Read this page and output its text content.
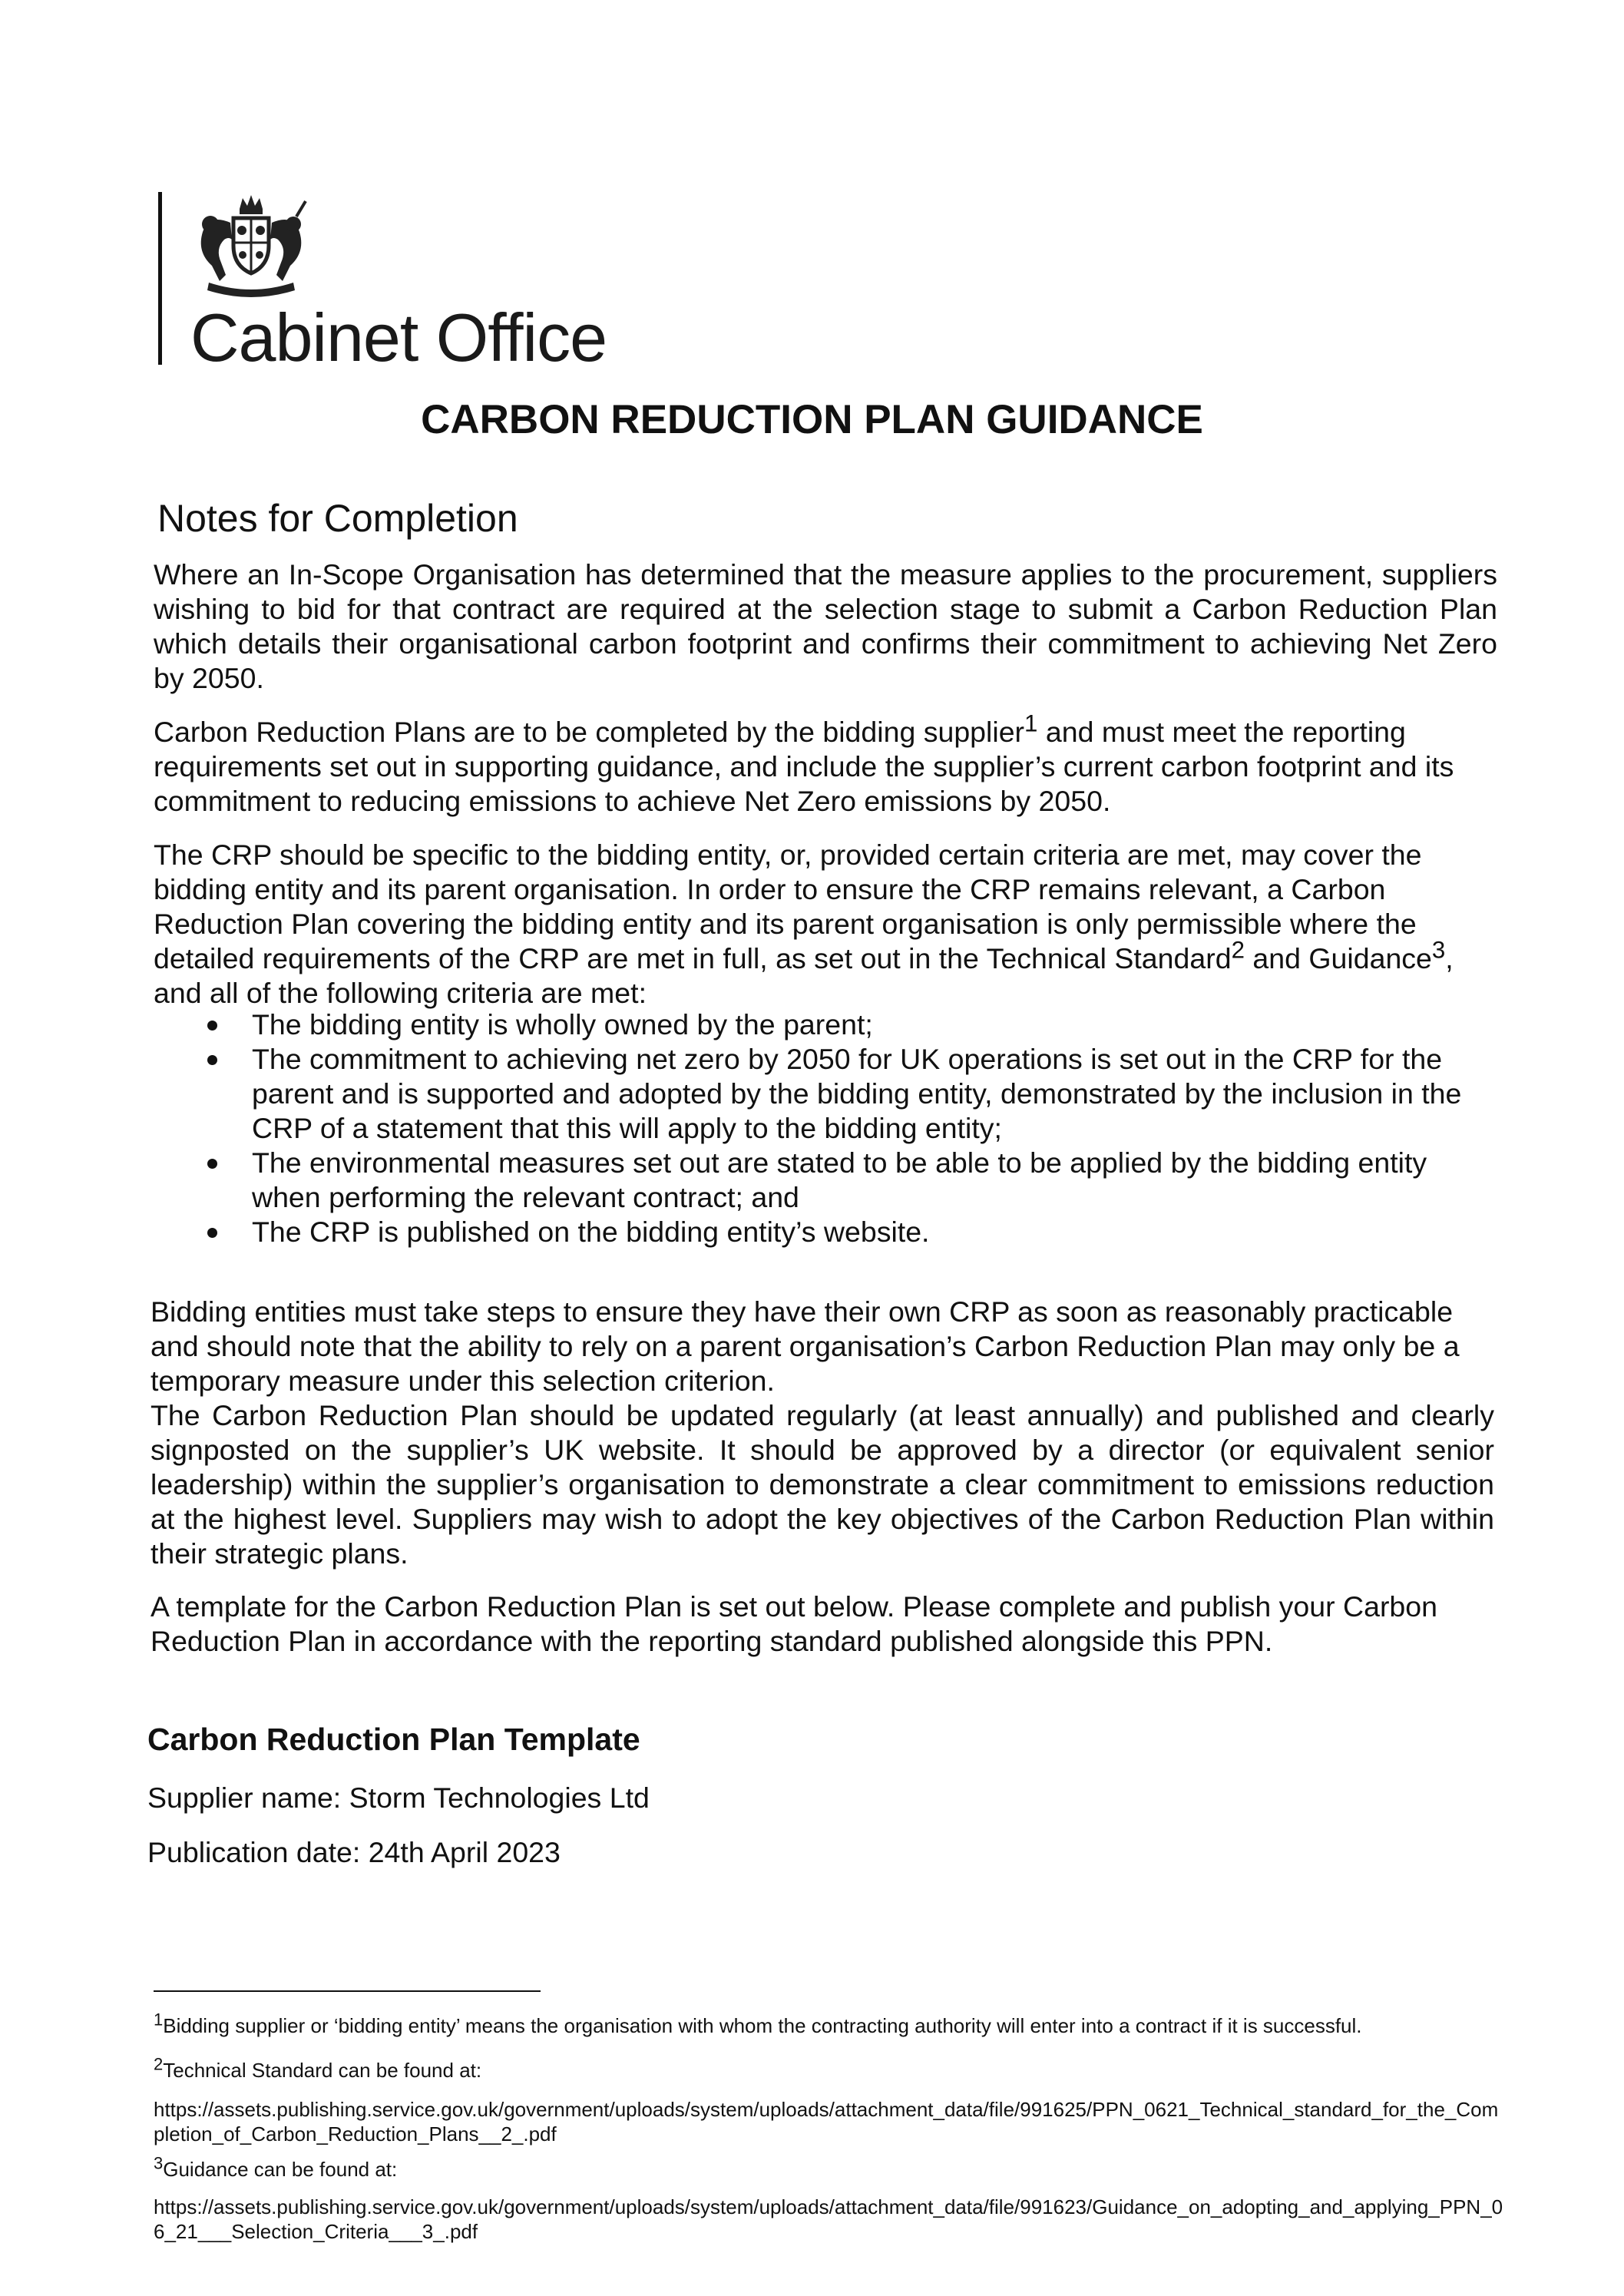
Cabinet Office
CARBON REDUCTION PLAN GUIDANCE
Notes for Completion

Where an In-Scope Organisation has determined that the measure applies to the procurement, suppliers wishing to bid for that contract are required at the selection stage to submit a Carbon Reduction Plan which details their organisational carbon footprint and confirms their commitment to achieving Net Zero by 2050.

Carbon Reduction Plans are to be completed by the bidding supplier$^1$ and must meet the reporting requirements set out in supporting guidance, and include the supplier’s current carbon footprint and its commitment to reducing emissions to achieve Net Zero emissions by 2050.

The CRP should be specific to the bidding entity, or, provided certain criteria are met, may cover the bidding entity and its parent organisation. In order to ensure the CRP remains relevant, a Carbon Reduction Plan covering the bidding entity and its parent organisation is only permissible where the detailed requirements of the CRP are met in full, as set out in the Technical Standard$^2$ and Guidance$^3$, and all of the following criteria are met:

The bidding entity is wholly owned by the parent;
The commitment to achieving net zero by 2050 for UK operations is set out in the CRP for the parent and is supported and adopted by the bidding entity, demonstrated by the inclusion in the CRP of a statement that this will apply to the bidding entity;
The environmental measures set out are stated to be able to be applied by the bidding entity when performing the relevant contract; and
The CRP is published on the bidding entity’s website.

Bidding entities must take steps to ensure they have their own CRP as soon as reasonably practicable and should note that the ability to rely on a parent organisation’s Carbon Reduction Plan may only be a temporary measure under this selection criterion.

The Carbon Reduction Plan should be updated regularly (at least annually) and published and clearly signposted on the supplier’s UK website. It should be approved by a director (or equivalent senior leadership) within the supplier’s organisation to demonstrate a clear commitment to emissions reduction at the highest level. Suppliers may wish to adopt the key objectives of the Carbon Reduction Plan within their strategic plans.

A template for the Carbon Reduction Plan is set out below. Please complete and publish your Carbon Reduction Plan in accordance with the reporting standard published alongside this PPN.

Carbon Reduction Plan Template
Supplier name: Storm Technologies Ltd
Publication date: 24th April 2023

$^1$Bidding supplier or ‘bidding entity’ means the organisation with whom the contracting authority will enter into a contract if it is successful.

$^2$Technical Standard can be found at:

https://assets.publishing.service.gov.uk/government/uploads/system/uploads/attachment_data/file/991625/PPN_0621_Technical_standard_for_the_Completion_of_Carbon_Reduction_Plans__2_.pdf

$^3$Guidance can be found at:

https://assets.publishing.service.gov.uk/government/uploads/system/uploads/attachment_data/file/991623/Guidance_on_adopting_and_applying_PPN_06_21___Selection_Criteria___3_.pdf
